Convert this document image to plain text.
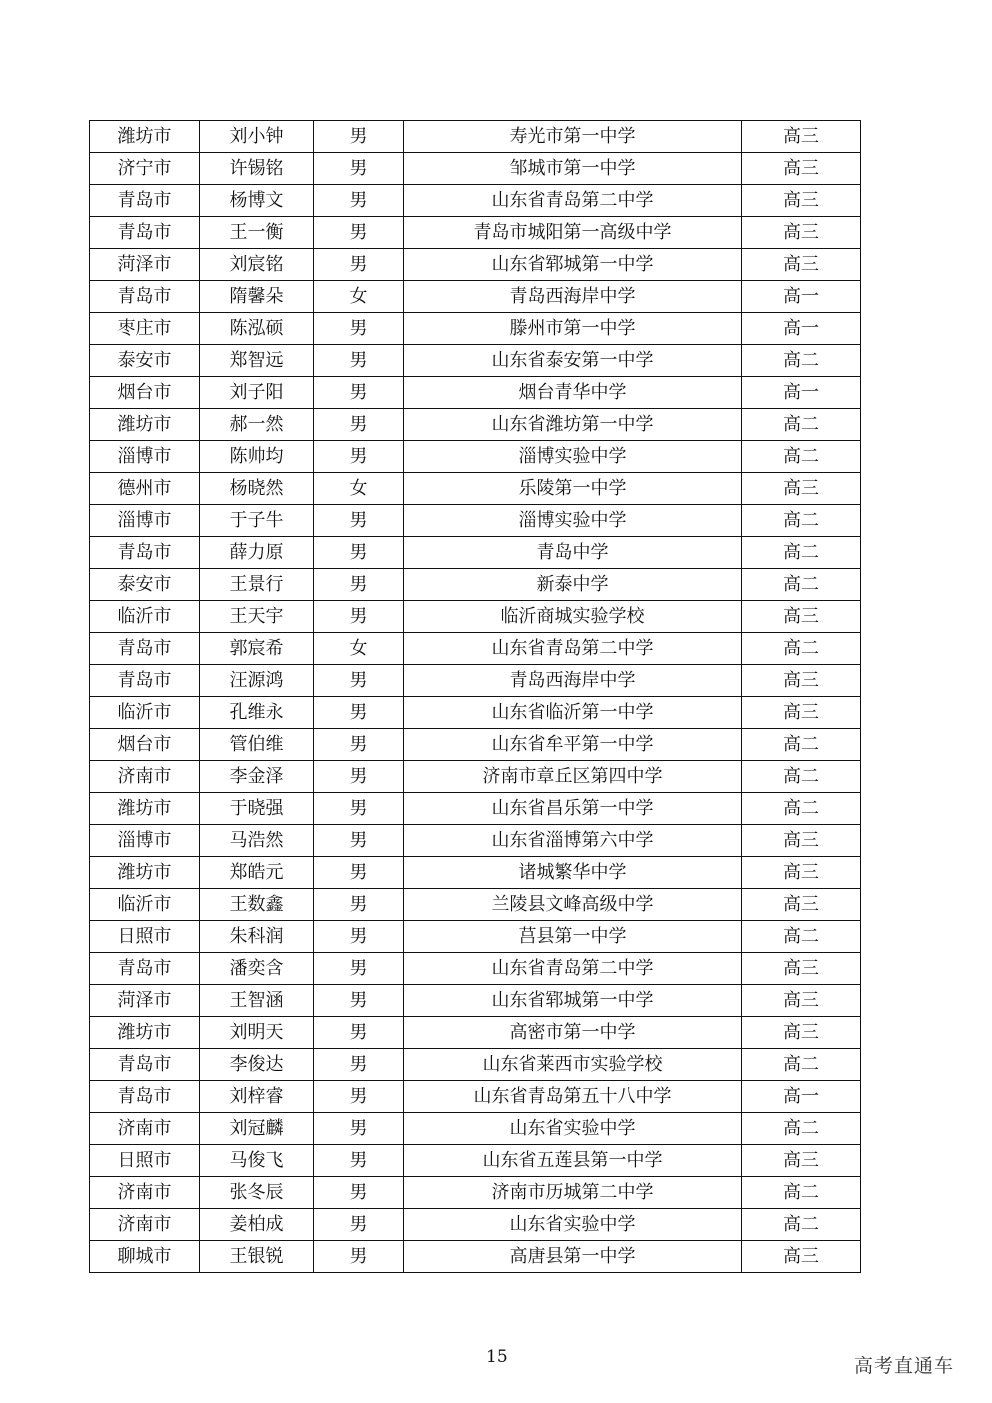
潍坊市	刘小钟	男	寿光市第一中学	高三
济宁市	许锡铭	男	邹城市第一中学	高三
青岛市	杨博文	男	山东省青岛第二中学	高三
青岛市	王一衡	男	青岛市城阳第一高级中学	高三
菏泽市	刘宸铭	男	山东省郓城第一中学	高三
青岛市	隋馨朵	女	青岛西海岸中学	高一
枣庄市	陈泓硕	男	滕州市第一中学	高一
泰安市	郑智远	男	山东省泰安第一中学	高二
烟台市	刘子阳	男	烟台青华中学	高一
潍坊市	郝一然	男	山东省潍坊第一中学	高二
淄博市	陈帅均	男	淄博实验中学	高二
德州市	杨晓然	女	乐陵第一中学	高三
淄博市	于子牛	男	淄博实验中学	高二
青岛市	薛力原	男	青岛中学	高二
泰安市	王景行	男	新泰中学	高二
临沂市	王天宇	男	临沂商城实验学校	高三
青岛市	郭宸希	女	山东省青岛第二中学	高二
青岛市	汪源鸿	男	青岛西海岸中学	高三
临沂市	孔维永	男	山东省临沂第一中学	高三
烟台市	管伯维	男	山东省牟平第一中学	高二
济南市	李金泽	男	济南市章丘区第四中学	高二
潍坊市	于晓强	男	山东省昌乐第一中学	高二
淄博市	马浩然	男	山东省淄博第六中学	高三
潍坊市	郑皓元	男	诸城繁华中学	高三
临沂市	王数鑫	男	兰陵县文峰高级中学	高三
日照市	朱科润	男	莒县第一中学	高二
青岛市	潘奕含	男	山东省青岛第二中学	高三
菏泽市	王智涵	男	山东省郓城第一中学	高三
潍坊市	刘明天	男	高密市第一中学	高三
青岛市	李俊达	男	山东省莱西市实验学校	高二
青岛市	刘梓睿	男	山东省青岛第五十八中学	高一
济南市	刘冠麟	男	山东省实验中学	高二
日照市	马俊飞	男	山东省五莲县第一中学	高三
济南市	张冬辰	男	济南市历城第二中学	高二
济南市	姜柏成	男	山东省实验中学	高二
聊城市	王银锐	男	高唐县第一中学	高三
15	高考直通车
